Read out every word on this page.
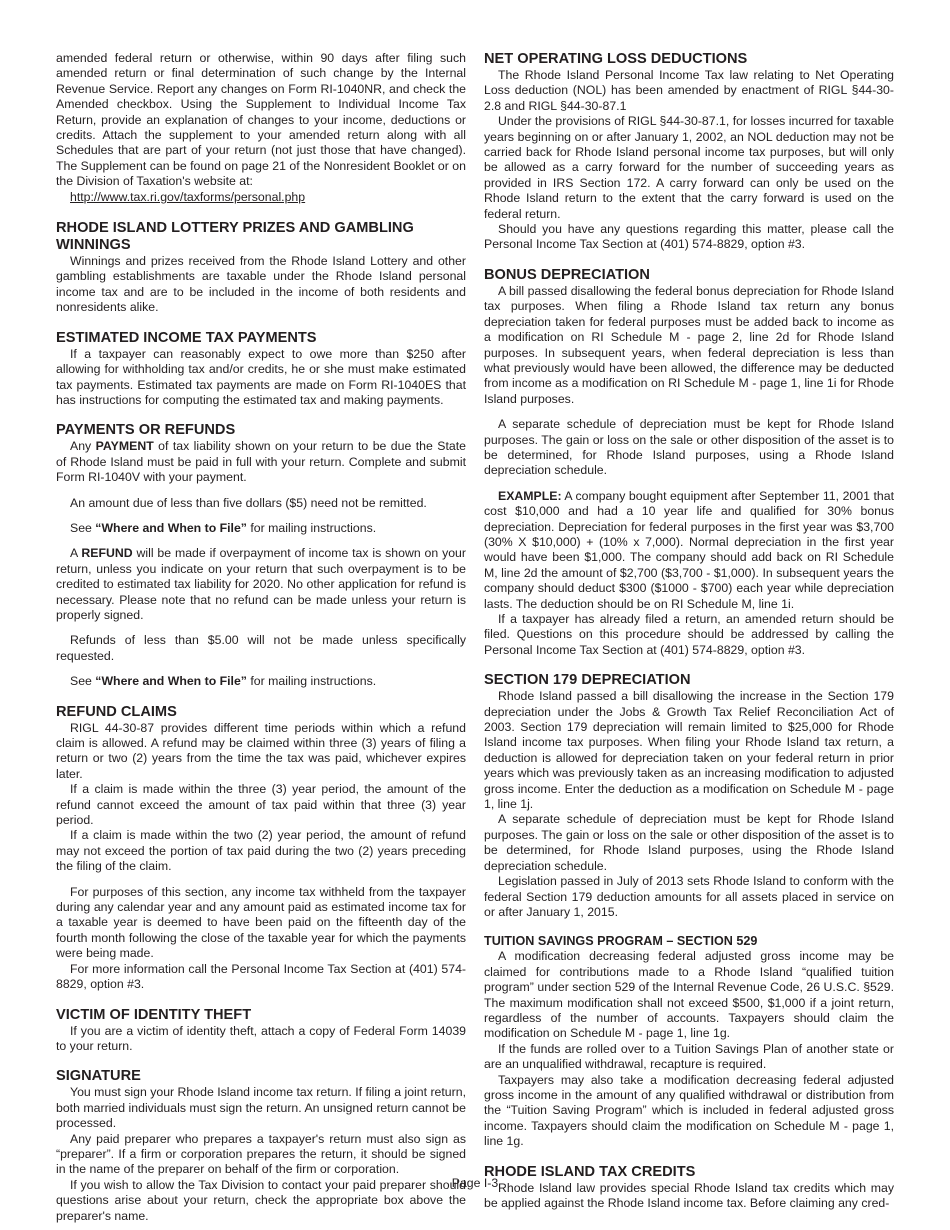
amended federal return or otherwise, within 90 days after filing such amended return or final determination of such change by the Internal Revenue Service. Report any changes on Form RI-1040NR, and check the Amended checkbox. Using the Supplement to Individual Income Tax Return, provide an explanation of changes to your income, deductions or credits. Attach the supplement to your amended return along with all Schedules that are part of your return (not just those that have changed). The Supplement can be found on page 21 of the Nonresident Booklet or on the Division of Taxation's website at:

http://www.tax.ri.gov/taxforms/personal.php
RHODE ISLAND LOTTERY PRIZES AND GAMBLING WINNINGS

Winnings and prizes received from the Rhode Island Lottery and other gambling establishments are taxable under the Rhode Island personal income tax and are to be included in the income of both residents and nonresidents alike.

ESTIMATED INCOME TAX PAYMENTS

If a taxpayer can reasonably expect to owe more than $250 after allowing for withholding tax and/or credits, he or she must make estimated tax payments. Estimated tax payments are made on Form RI-1040ES that has instructions for computing the estimated tax and making payments.

PAYMENTS OR REFUNDS

Any PAYMENT of tax liability shown on your return to be due the State of Rhode Island must be paid in full with your return. Complete and submit Form RI-1040V with your payment.

An amount due of less than five dollars ($5) need not be remitted.

See “Where and When to File” for mailing instructions.

A REFUND will be made if overpayment of income tax is shown on your return, unless you indicate on your return that such overpayment is to be credited to estimated tax liability for 2020. No other application for refund is necessary. Please note that no refund can be made unless your return is properly signed.

Refunds of less than $5.00 will not be made unless specifically requested.

See “Where and When to File” for mailing instructions.

REFUND CLAIMS

RIGL 44-30-87 provides different time periods within which a refund claim is allowed. A refund may be claimed within three (3) years of filing a return or two (2) years from the time the tax was paid, whichever expires later.

If a claim is made within the three (3) year period, the amount of the refund cannot exceed the amount of tax paid within that three (3) year period.

If a claim is made within the two (2) year period, the amount of refund may not exceed the portion of tax paid during the two (2) years preceding the filing of the claim.

For purposes of this section, any income tax withheld from the taxpayer during any calendar year and any amount paid as estimated income tax for a taxable year is deemed to have been paid on the fifteenth day of the fourth month following the close of the taxable year for which the payments were being made.

For more information call the Personal Income Tax Section at (401) 574-8829, option #3.

VICTIM OF IDENTITY THEFT

If you are a victim of identity theft, attach a copy of Federal Form 14039 to your return.

SIGNATURE

You must sign your Rhode Island income tax return. If filing a joint return, both married individuals must sign the return. An unsigned return cannot be processed.

Any paid preparer who prepares a taxpayer's return must also sign as “preparer”. If a firm or corporation prepares the return, it should be signed in the name of the preparer on behalf of the firm or corporation.

If you wish to allow the Tax Division to contact your paid preparer should questions arise about your return, check the appropriate box above the preparer's name.

NET OPERATING LOSS DEDUCTIONS

The Rhode Island Personal Income Tax law relating to Net Operating Loss deduction (NOL) has been amended by enactment of RIGL §44-30-2.8 and RIGL §44-30-87.1

Under the provisions of RIGL §44-30-87.1, for losses incurred for taxable years beginning on or after January 1, 2002, an NOL deduction may not be carried back for Rhode Island personal income tax purposes, but will only be allowed as a carry forward for the number of succeeding years as provided in IRS Section 172. A carry forward can only be used on the Rhode Island return to the extent that the carry forward is used on the federal return.

Should you have any questions regarding this matter, please call the Personal Income Tax Section at (401) 574-8829, option #3.

BONUS DEPRECIATION

A bill passed disallowing the federal bonus depreciation for Rhode Island tax purposes. When filing a Rhode Island tax return any bonus depreciation taken for federal purposes must be added back to income as a modification on RI Schedule M - page 2, line 2d for Rhode Island purposes. In subsequent years, when federal depreciation is less than what previously would have been allowed, the difference may be deducted from income as a modification on RI Schedule M - page 1, line 1i for Rhode Island purposes.

A separate schedule of depreciation must be kept for Rhode Island purposes. The gain or loss on the sale or other disposition of the asset is to be determined, for Rhode Island purposes, using a Rhode Island depreciation schedule.

EXAMPLE: A company bought equipment after September 11, 2001 that cost $10,000 and had a 10 year life and qualified for 30% bonus depreciation. Depreciation for federal purposes in the first year was $3,700 (30% X $10,000) + (10% x 7,000). Normal depreciation in the first year would have been $1,000. The company should add back on RI Schedule M, line 2d the amount of $2,700 ($3,700 - $1,000). In subsequent years the company should deduct $300 ($1000 - $700) each year while depreciation lasts. The deduction should be on RI Schedule M, line 1i.

If a taxpayer has already filed a return, an amended return should be filed. Questions on this procedure should be addressed by calling the Personal Income Tax Section at (401) 574-8829, option #3.

SECTION 179 DEPRECIATION

Rhode Island passed a bill disallowing the increase in the Section 179 depreciation under the Jobs & Growth Tax Relief Reconciliation Act of 2003. Section 179 depreciation will remain limited to $25,000 for Rhode Island income tax purposes. When filing your Rhode Island tax return, a deduction is allowed for depreciation taken on your federal return in prior years which was previously taken as an increasing modification to adjusted gross income. Enter the deduction as a modification on Schedule M - page 1, line 1j.

A separate schedule of depreciation must be kept for Rhode Island purposes. The gain or loss on the sale or other disposition of the asset is to be determined, for Rhode Island purposes, using the Rhode Island depreciation schedule.

Legislation passed in July of 2013 sets Rhode Island to conform with the federal Section 179 deduction amounts for all assets placed in service on or after January 1, 2015.

TUITION SAVINGS PROGRAM – SECTION 529

A modification decreasing federal adjusted gross income may be claimed for contributions made to a Rhode Island “qualified tuition program” under section 529 of the Internal Revenue Code, 26 U.S.C. §529. The maximum modification shall not exceed $500, $1,000 if a joint return, regardless of the number of accounts. Taxpayers should claim the modification on Schedule M - page 1, line 1g.

If the funds are rolled over to a Tuition Savings Plan of another state or are an unqualified withdrawal, recapture is required.

Taxpayers may also take a modification decreasing federal adjusted gross income in the amount of any qualified withdrawal or distribution from the “Tuition Saving Program” which is included in federal adjusted gross income. Taxpayers should claim the modification on Schedule M - page 1, line 1g.

RHODE ISLAND TAX CREDITS

Rhode Island law provides special Rhode Island tax credits which may be applied against the Rhode Island income tax. Before claiming any cred-

Page I-3
